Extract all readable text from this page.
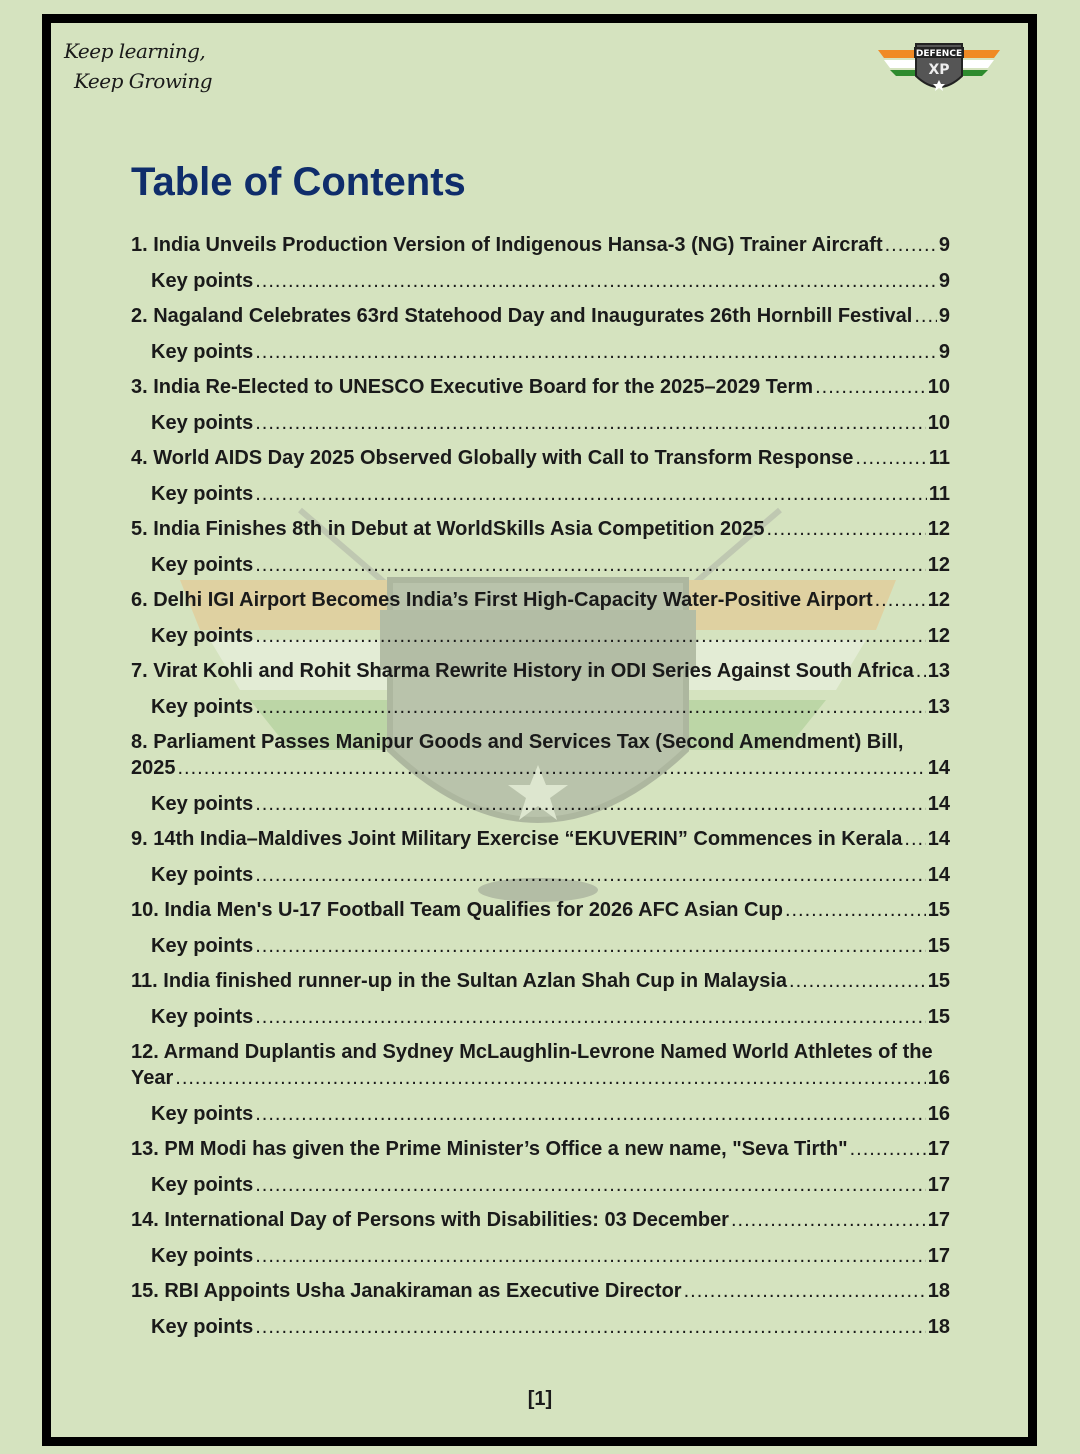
Keep learning,
Keep Growing
DEFENCE
XP
Table of Contents
1. India Unveils Production Version of Indigenous Hansa-3 (NG) Trainer Aircraft .....	9
Key points .....	9
2. Nagaland Celebrates 63rd Statehood Day and Inaugurates 26th Hornbill Festival ..... 9
Key points .....	9
3. India Re-Elected to UNESCO Executive Board for the 2025–2029 Term .....	10
Key points .....	10
4. World AIDS Day 2025 Observed Globally with Call to Transform Response .....	11
Key points .....	11
5. India Finishes 8th in Debut at WorldSkills Asia Competition 2025 .....	12
Key points .....	12
6. Delhi IGI Airport Becomes India’s First High-Capacity Water-Positive Airport .....	12
Key points .....	12
7. Virat Kohli and Rohit Sharma Rewrite History in ODI Series Against South Africa ..... 13
Key points .....	13
8. Parliament Passes Manipur Goods and Services Tax (Second Amendment) Bill,
2025 .....	14
Key points .....	14
9. 14th India–Maldives Joint Military Exercise “EKUVERIN” Commences in Kerala ..... 14
Key points .....	14
10. India Men's U-17 Football Team Qualifies for 2026 AFC Asian Cup .....	15
Key points .....	15
11. India finished runner-up in the Sultan Azlan Shah Cup in Malaysia .....	15
Key points .....	15
12. Armand Duplantis and Sydney McLaughlin-Levrone Named World Athletes of the
Year .....	16
Key points .....	16
13. PM Modi has given the Prime Minister’s Office a new name, "Seva Tirth" .....	17
Key points .....	17
14. International Day of Persons with Disabilities: 03 December .....	17
Key points .....	17
15. RBI Appoints Usha Janakiraman as Executive Director .....	18
Key points .....	18
[1]
